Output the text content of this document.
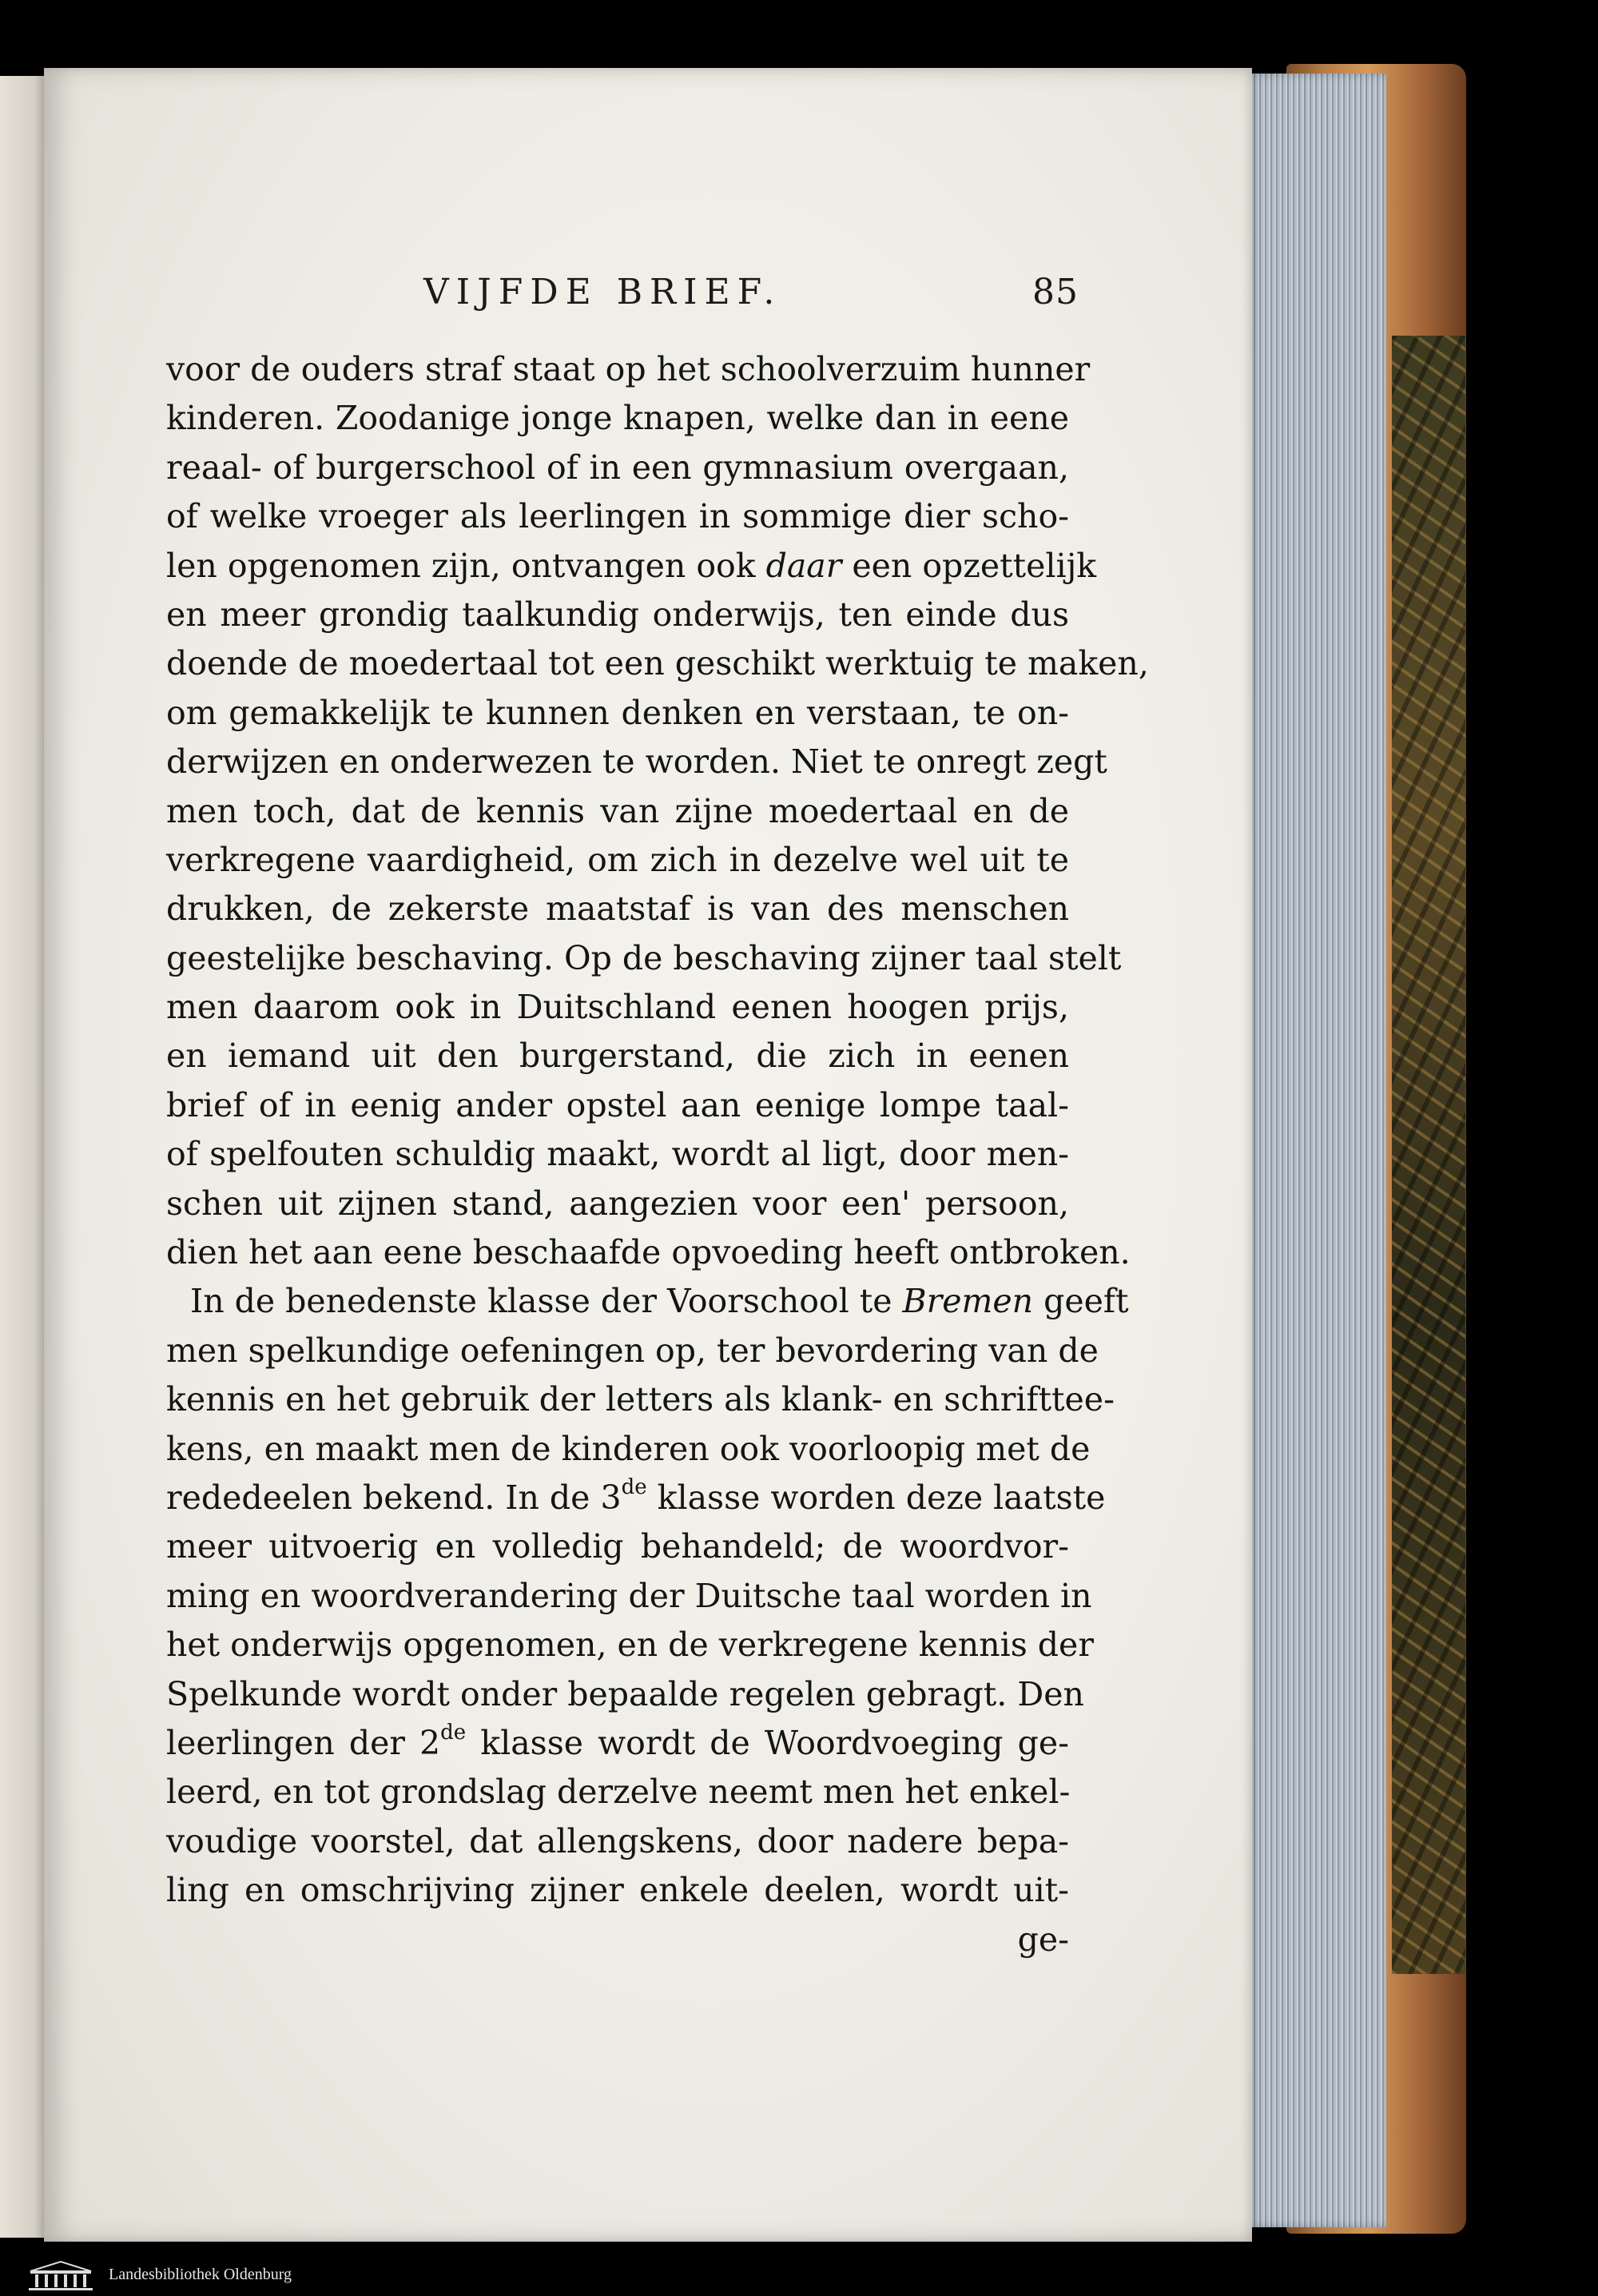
VIJFDE BRIEF.	85
voor de ouders straf staat op het schoolverzuim hunner
kinderen. Zoodanige jonge knapen, welke dan in eene
reaal- of burgerschool of in een gymnasium overgaan,
of welke vroeger als leerlingen in sommige dier scho-
len opgenomen zijn, ontvangen ook daar een opzettelijk
en meer grondig taalkundig onderwijs, ten einde dus
doende de moedertaal tot een geschikt werktuig te maken,
om gemakkelijk te kunnen denken en verstaan, te on-
derwijzen en onderwezen te worden. Niet te onregt zegt
men toch, dat de kennis van zijne moedertaal en de
verkregene vaardigheid, om zich in dezelve wel uit te
drukken, de zekerste maatstaf is van des menschen
geestelijke beschaving. Op de beschaving zijner taal stelt
men daarom ook in Duitschland eenen hoogen prijs,
en iemand uit den burgerstand, die zich in eenen
brief of in eenig ander opstel aan eenige lompe taal-
of spelfouten schuldig maakt, wordt al ligt, door men-
schen uit zijnen stand, aangezien voor een' persoon,
dien het aan eene beschaafde opvoeding heeft ontbroken.
In de benedenste klasse der Voorschool te Bremen geeft
men spelkundige oefeningen op, ter bevordering van de
kennis en het gebruik der letters als klank- en schrifttee-
kens, en maakt men de kinderen ook voorloopig met de
rededeelen bekend. In de 3de klasse worden deze laatste
meer uitvoerig en volledig behandeld; de woordvor-
ming en woordverandering der Duitsche taal worden in
het onderwijs opgenomen, en de verkregene kennis der
Spelkunde wordt onder bepaalde regelen gebragt. Den
leerlingen der 2de klasse wordt de Woordvoeging ge-
leerd, en tot grondslag derzelve neemt men het enkel-
voudige voorstel, dat allengskens, door nadere bepa-
ling en omschrijving zijner enkele deelen, wordt uit-
ge-
Landesbibliothek Oldenburg
